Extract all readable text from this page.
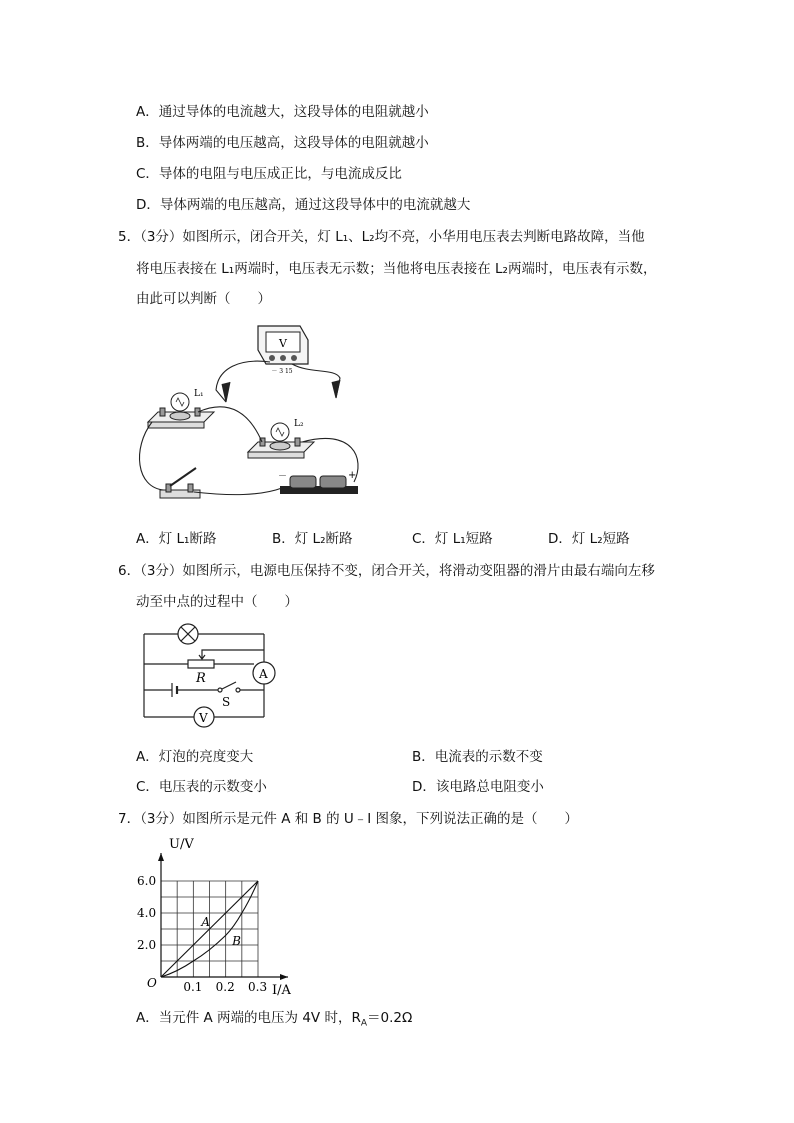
A．通过导体的电流越大，这段导体的电阻就越小
B．导体两端的电压越高，这段导体的电阻就越小
C．导体的电阻与电压成正比，与电流成反比
D．导体两端的电压越高，通过这段导体中的电流就越大
5．（3分）如图所示，闭合开关，灯 L₁、L₂均不亮，小华用电压表去判断电路故障，当他
将电压表接在 L₁两端时，电压表无示数；当他将电压表接在 L₂两端时，电压表有示数，
由此可以判断（　　）
V
－ 3 15
L₁
L₂
－	+
A．灯 L₁断路	B．灯 L₂断路	C．灯 L₁短路	D．灯 L₂短路
6．（3分）如图所示，电源电压保持不变，闭合开关，将滑动变阻器的滑片由最右端向左移
动至中点的过程中（　　）
R	A
S
V
A．灯泡的亮度变大	B．电流表的示数不变
C．电压表的示数变小	D．该电路总电阻变小
7．（3分）如图所示是元件 A 和 B 的 U﹣I 图象，下列说法正确的是（　　）
A
B
0.1 0.2 0.3
2.0
4.0
6.0
O
U/V
I/A
A．当元件 A 两端的电压为 4V 时，$R_A=0.2\Omega$
